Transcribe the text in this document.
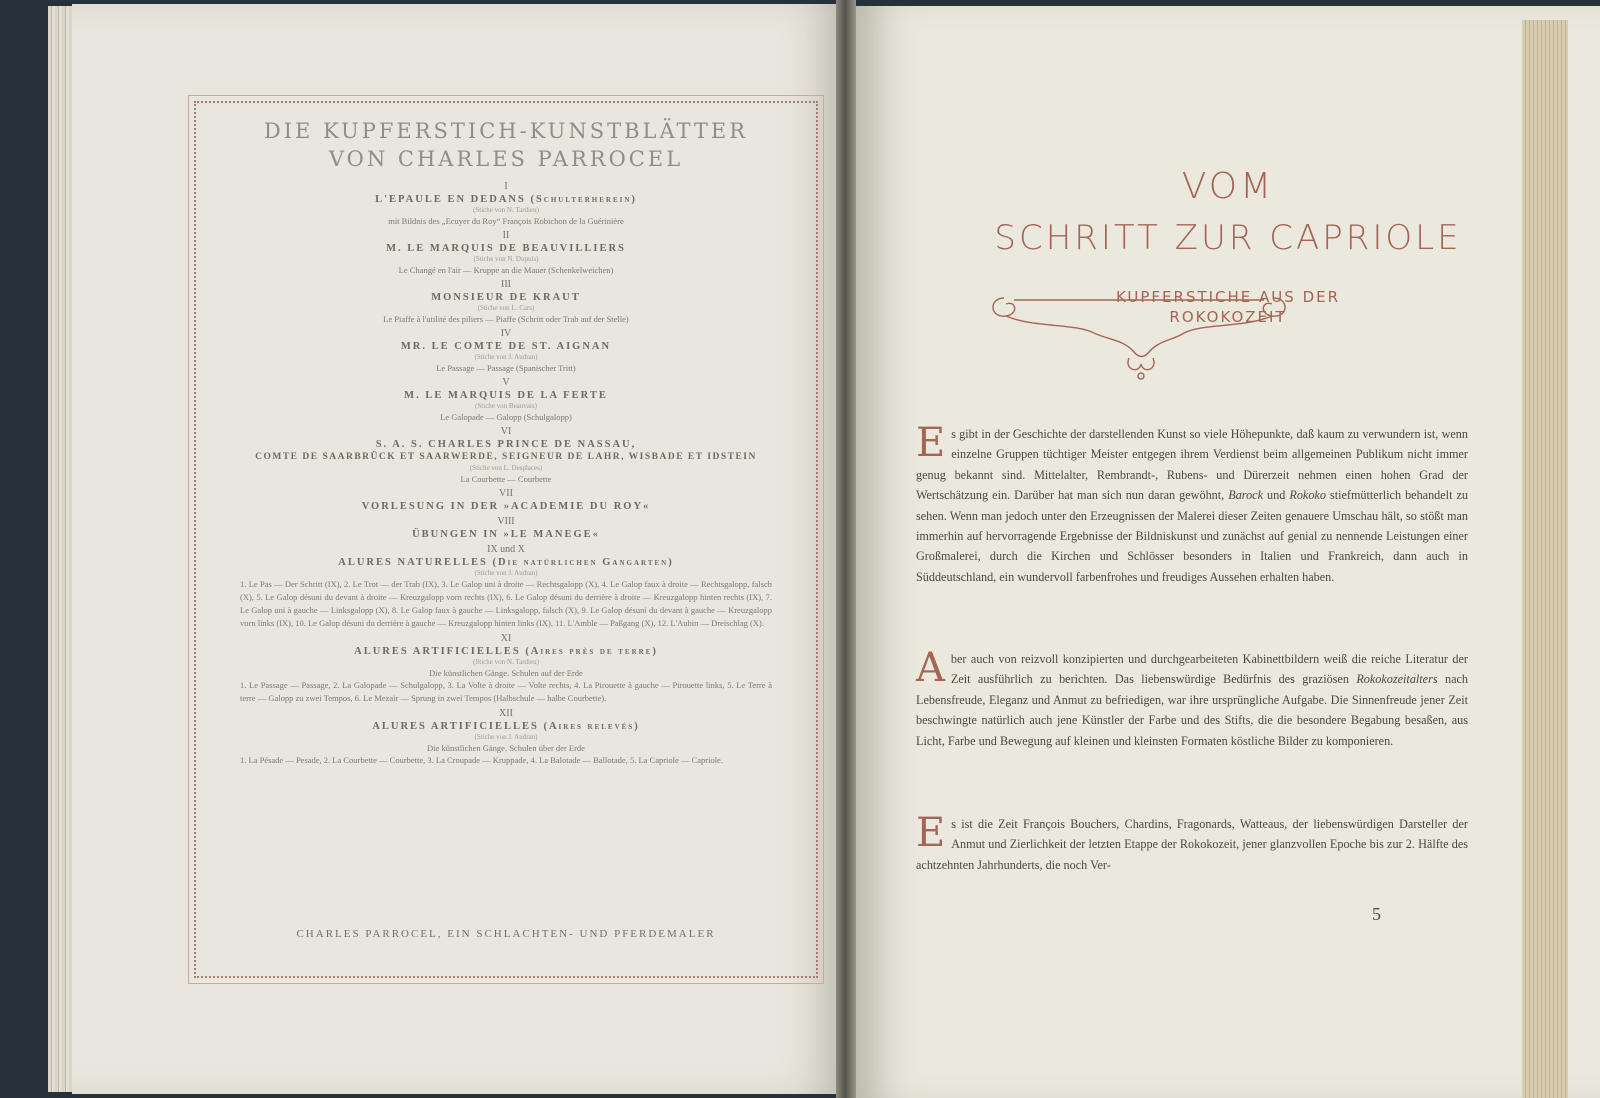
DIE KUPFERSTICH-KUNSTBLÄTTER
VON CHARLES PARROCEL
I
L'EPAULE EN DEDANS (Schulterherein)
(Stiche von N. Tardieu)
mit Bildnis des „Ecuyer du Roy“ François Robichon de la Guérinière
II
M. LE MARQUIS DE BEAUVILLIERS
(Stiche von N. Dupuis)
Le Changé en l'air — Kruppe an die Mauer (Schenkelweichen)
III
MONSIEUR DE KRAUT
(Stiche von L. Cars)
Le Piaffe à l'utilité des piliers — Piaffe (Schritt oder Trab auf der Stelle)
IV
MR. LE COMTE DE ST. AIGNAN
(Stiche von J. Audran)
Le Passage — Passage (Spanischer Tritt)
V
M. LE MARQUIS DE LA FERTE
(Stiche von Beauvais)
Le Galopade — Galopp (Schulgalopp)
VI
S. A. S. CHARLES PRINCE DE NASSAU,
COMTE DE SAARBRÜCK ET SAARWERDE, SEIGNEUR DE LAHR, WISBADE ET IDSTEIN
(Stiche von L. Desplaces)
La Courbette — Courbette
VII
VORLESUNG IN DER »ACADEMIE DU ROY«
VIII
ÜBUNGEN IN »LE MANEGE«
IX und X
ALURES NATURELLES (Die natürlichen Gangarten)
(Stiche von J. Audran)
1. Le Pas — Der Schritt (IX), 2. Le Trot — der Trab (IX), 3. Le Galop uni à droite — Rechtsgalopp (X), 4. Le Galop faux à droite — Rechtsgalopp, falsch (X), 5. Le Galop désuni du devant à droite — Kreuzgalopp vorn rechts (IX), 6. Le Galop désuni du derrière à droite — Kreuzgalopp hinten rechts (IX), 7. Le Galop uni à gauche — Linksgalopp (X), 8. Le Galop faux à gauche — Linksgalopp, falsch (X), 9. Le Galop désuni du devant à gauche — Kreuzgalopp vorn links (IX), 10. Le Galop désuni du derrière à gauche — Kreuzgalopp hinten links (IX), 11. L'Amble — Paßgang (X), 12. L'Aubin — Dreischlag (X).
XI
ALURES ARTIFICIELLES (Aires près de terre)
(Stiche von N. Tardieu)
Die künstlichen Gänge. Schulen auf der Erde
1. Le Passage — Passage, 2. La Galopade — Schulgalopp, 3. La Volte à droite — Volte rechts, 4. La Pirouette à gauche — Pirouette links, 5. Le Terre à terre — Galopp zu zwei Tempos, 6. Le Mezair — Sprung in zwei Tempos (Halbschule — halbe Courbette).
XII
ALURES ARTIFICIELLES (Aires relevés)
(Stiche von J. Audran)
Die künstlichen Gänge. Schulen über der Erde
1. La Pésade — Pesade, 2. La Courbette — Courbette, 3. La Croupade — Kruppade, 4. La Balotade — Ballotade, 5. La Capriole — Capriole.
CHARLES PARROCEL, EIN SCHLACHTEN- UND PFERDEMALER
VOM
SCHRITT ZUR CAPRIOLE
KUPFERSTICHE AUS DER
ROKOKOZEIT
Es gibt in der Geschichte der darstellenden Kunst so viele Höhepunkte, daß kaum zu verwundern ist, wenn einzelne Gruppen tüchtiger Meister entgegen ihrem Verdienst beim allgemeinen Publikum nicht immer genug bekannt sind. Mittelalter, Rembrandt-, Rubens- und Dürerzeit nehmen einen hohen Grad der Wertschätzung ein. Darüber hat man sich nun daran gewöhnt, Barock und Rokoko stiefmütterlich behandelt zu sehen. Wenn man jedoch unter den Erzeugnissen der Malerei dieser Zeiten genauere Umschau hält, so stößt man immerhin auf hervorragende Ergebnisse der Bildniskunst und zunächst auf genial zu nennende Leistungen einer Großmalerei, durch die Kirchen und Schlösser besonders in Italien und Frankreich, dann auch in Süddeutschland, ein wundervoll farbenfrohes und freudiges Aussehen erhalten haben.
Aber auch von reizvoll konzipierten und durchgearbeiteten Kabinettbildern weiß die reiche Literatur der Zeit ausführlich zu berichten. Das liebenswürdige Bedürfnis des graziösen Rokokozeitalters nach Lebensfreude, Eleganz und Anmut zu befriedigen, war ihre ursprüngliche Aufgabe. Die Sinnenfreude jener Zeit beschwingte natürlich auch jene Künstler der Farbe und des Stifts, die die besondere Begabung besaßen, aus Licht, Farbe und Bewegung auf kleinen und kleinsten Formaten köstliche Bilder zu komponieren.
Es ist die Zeit François Bouchers, Chardins, Fragonards, Watteaus, der liebenswürdigen Darsteller der Anmut und Zierlichkeit der letzten Etappe der Rokokozeit, jener glanzvollen Epoche bis zur 2. Hälfte des achtzehnten Jahrhunderts, die noch Ver-
5
